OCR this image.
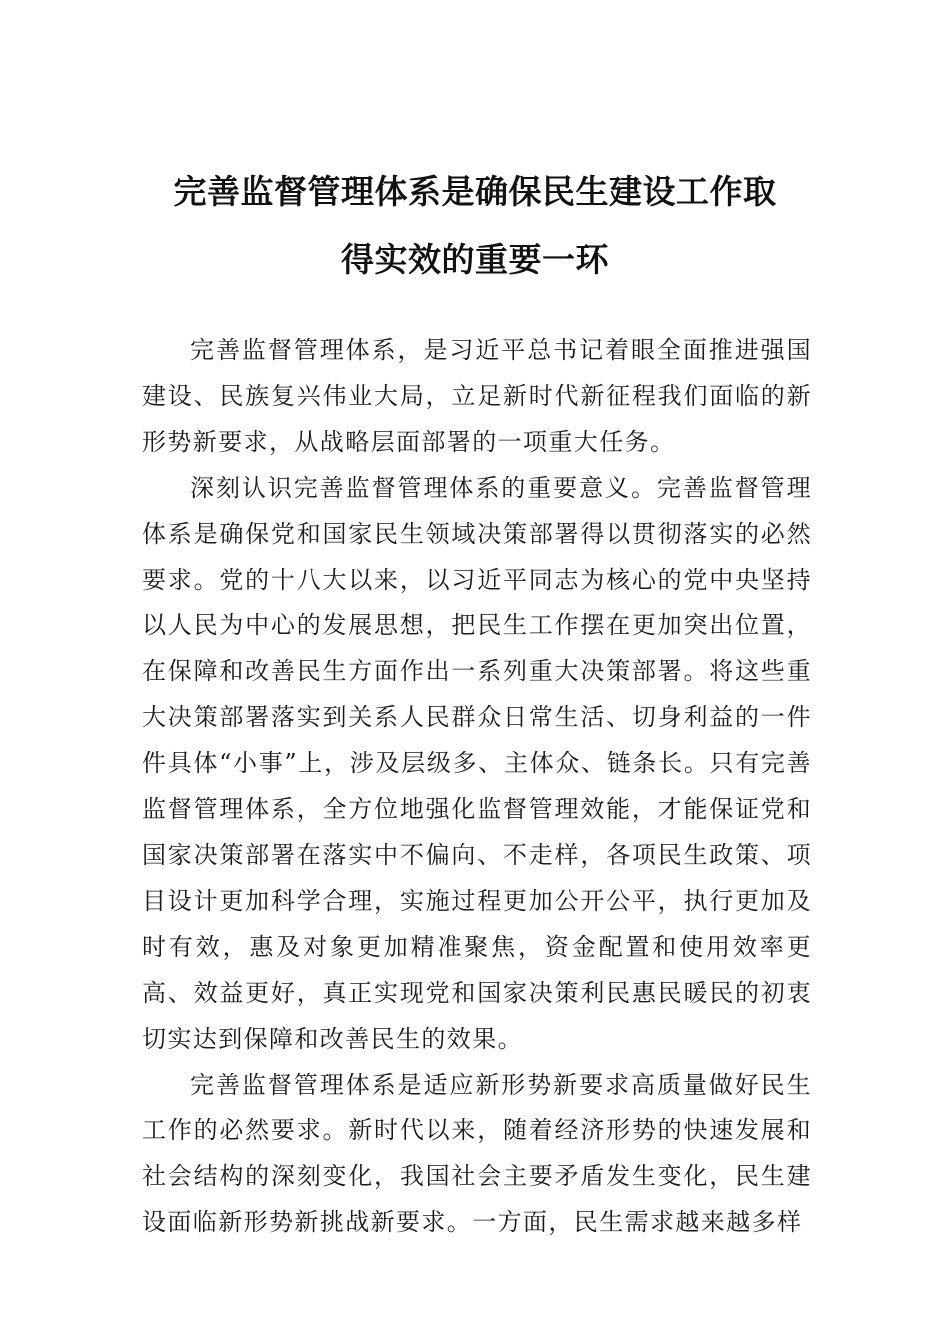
完善监督管理体系是确保民生建设工作取
得实效的重要一环

完善监督管理体系，是习近平总书记着眼全面推进强国建设、民族复兴伟业大局，立足新时代新征程我们面临的新形势新要求，从战略层面部署的一项重大任务。

深刻认识完善监督管理体系的重要意义。完善监督管理体系是确保党和国家民生领域决策部署得以贯彻落实的必然要求。党的十八大以来，以习近平同志为核心的党中央坚持以人民为中心的发展思想，把民生工作摆在更加突出位置，在保障和改善民生方面作出一系列重大决策部署。将这些重大决策部署落实到关系人民群众日常生活、切身利益的一件件具体“小事”上，涉及层级多、主体众、链条长。只有完善监督管理体系，全方位地强化监督管理效能，才能保证党和国家决策部署在落实中不偏向、不走样，各项民生政策、项目设计更加科学合理，实施过程更加公开公平，执行更加及时有效，惠及对象更加精准聚焦，资金配置和使用效率更高、效益更好，真正实现党和国家决策利民惠民暖民的初衷切实达到保障和改善民生的效果。

完善监督管理体系是适应新形势新要求高质量做好民生工作的必然要求。新时代以来，随着经济形势的快速发展和社会结构的深刻变化，我国社会主要矛盾发生变化，民生建设面临新形势新挑战新要求。一方面，民生需求越来越多样
